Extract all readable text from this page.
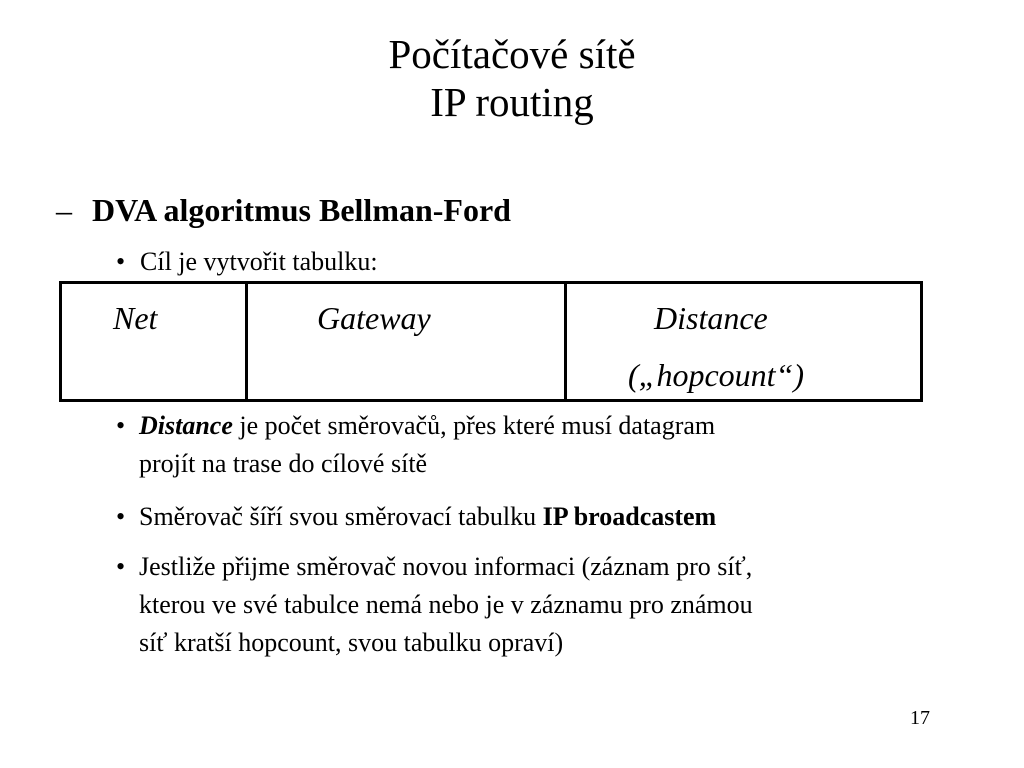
Počítačové sítě
IP routing
– DVA algoritmus Bellman-Ford
• Cíl je vytvořit tabulku:
Net	Gateway	Distance
(„hopcount“)
• Distance je počet směrovačů, přes které musí datagram
projít na trase do cílové sítě
• Směrovač šíří svou směrovací tabulku IP broadcastem
• Jestliže přijme směrovač novou informaci (záznam pro síť,
kterou ve své tabulce nemá nebo je v záznamu pro známou
síť kratší hopcount, svou tabulku opraví)
17
